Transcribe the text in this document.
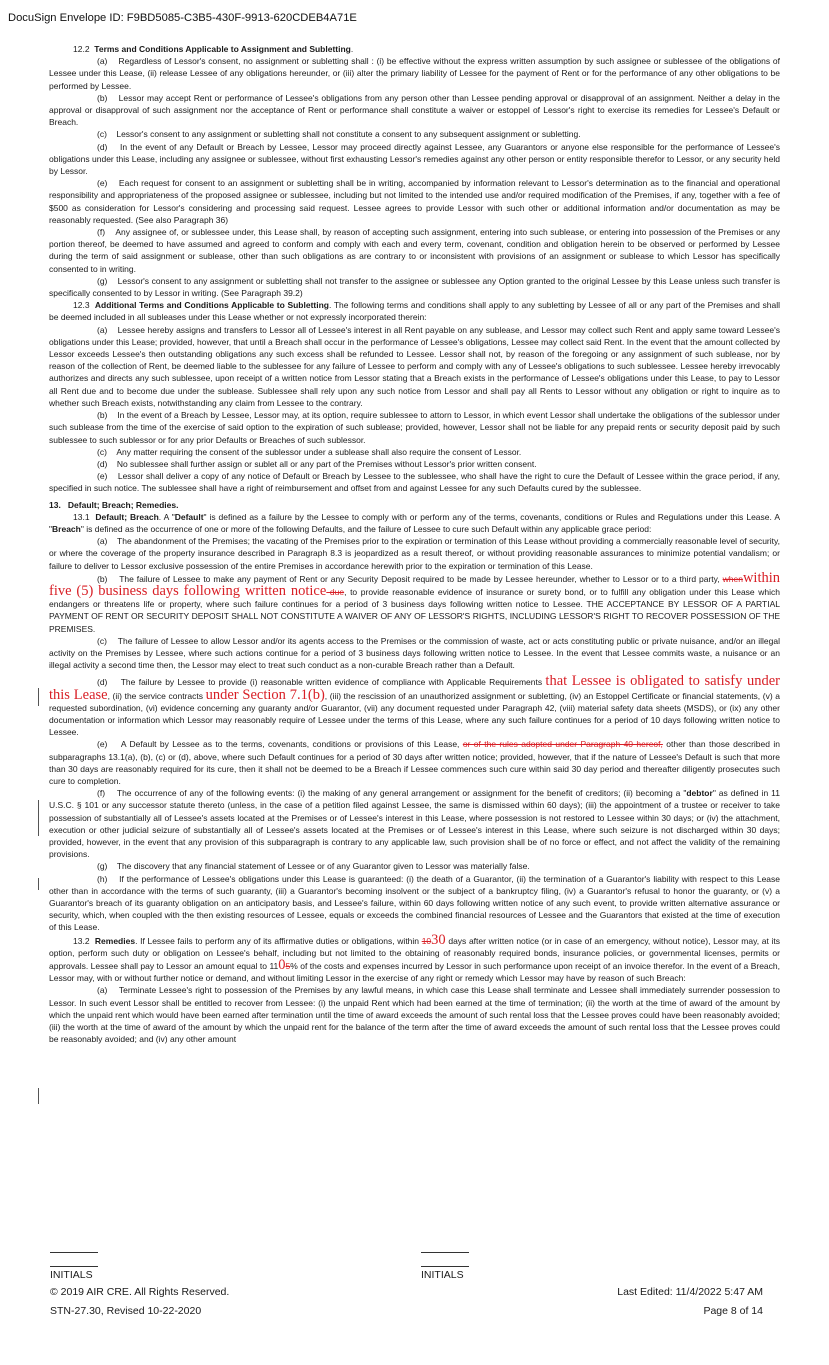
DocuSign Envelope ID: F9BD5085-C3B5-430F-9913-620CDEB4A71E

12.2 Terms and Conditions Applicable to Assignment and Subletting.

(a)    Regardless of Lessor's consent, no assignment or subletting shall : (i) be effective without the express written assumption by such assignee or sublessee of the obligations of Lessee under this Lease, (ii) release Lessee of any obligations hereunder, or (iii) alter the primary liability of Lessee for the payment of Rent or for the performance of any other obligations to be performed by Lessee.

(b)    Lessor may accept Rent or performance of Lessee's obligations from any person other than Lessee pending approval or disapproval of an assignment. Neither a delay in the approval or disapproval of such assignment nor the acceptance of Rent or performance shall constitute a waiver or estoppel of Lessor's right to exercise its remedies for Lessee's Default or Breach.

(c)    Lessor's consent to any assignment or subletting shall not constitute a consent to any subsequent assignment or subletting.

(d)    In the event of any Default or Breach by Lessee, Lessor may proceed directly against Lessee, any Guarantors or anyone else responsible for the performance of Lessee's obligations under this Lease, including any assignee or sublessee, without first exhausting Lessor's remedies against any other person or entity responsible therefor to Lessor, or any security held by Lessor.

(e)    Each request for consent to an assignment or subletting shall be in writing, accompanied by information relevant to Lessor's determination as to the financial and operational responsibility and appropriateness of the proposed assignee or sublessee, including but not limited to the intended use and/or required modification of the Premises, if any, together with a fee of $500 as consideration for Lessor's considering and processing said request. Lessee agrees to provide Lessor with such other or additional information and/or documentation as may be reasonably requested. (See also Paragraph 36)

(f)    Any assignee of, or sublessee under, this Lease shall, by reason of accepting such assignment, entering into such sublease, or entering into possession of the Premises or any portion thereof, be deemed to have assumed and agreed to conform and comply with each and every term, covenant, condition and obligation herein to be observed or performed by Lessee during the term of said assignment or sublease, other than such obligations as are contrary to or inconsistent with provisions of an assignment or sublease to which Lessor has specifically consented to in writing.

(g)    Lessor's consent to any assignment or subletting shall not transfer to the assignee or sublessee any Option granted to the original Lessee by this Lease unless such transfer is specifically consented to by Lessor in writing. (See Paragraph 39.2)

12.3 Additional Terms and Conditions Applicable to Subletting. The following terms and conditions shall apply to any subletting by Lessee of all or any part of the Premises and shall be deemed included in all subleases under this Lease whether or not expressly incorporated therein:

(a)    Lessee hereby assigns and transfers to Lessor all of Lessee's interest in all Rent payable on any sublease, and Lessor may collect such Rent and apply same toward Lessee's obligations under this Lease; provided, however, that until a Breach shall occur in the performance of Lessee's obligations, Lessee may collect said Rent. In the event that the amount collected by Lessor exceeds Lessee's then outstanding obligations any such excess shall be refunded to Lessee. Lessor shall not, by reason of the foregoing or any assignment of such sublease, nor by reason of the collection of Rent, be deemed liable to the sublessee for any failure of Lessee to perform and comply with any of Lessee's obligations to such sublessee. Lessee hereby irrevocably authorizes and directs any such sublessee, upon receipt of a written notice from Lessor stating that a Breach exists in the performance of Lessee's obligations under this Lease, to pay to Lessor all Rent due and to become due under the sublease. Sublessee shall rely upon any such notice from Lessor and shall pay all Rents to Lessor without any obligation or right to inquire as to whether such Breach exists, notwithstanding any claim from Lessee to the contrary.

(b)    In the event of a Breach by Lessee, Lessor may, at its option, require sublessee to attorn to Lessor, in which event Lessor shall undertake the obligations of the sublessor under such sublease from the time of the exercise of said option to the expiration of such sublease; provided, however, Lessor shall not be liable for any prepaid rents or security deposit paid by such sublessee to such sublessor or for any prior Defaults or Breaches of such sublessor.

(c)    Any matter requiring the consent of the sublessor under a sublease shall also require the consent of Lessor.

(d)    No sublessee shall further assign or sublet all or any part of the Premises without Lessor's prior written consent.

(e)    Lessor shall deliver a copy of any notice of Default or Breach by Lessee to the sublessee, who shall have the right to cure the Default of Lessee within the grace period, if any, specified in such notice. The sublessee shall have a right of reimbursement and offset from and against Lessee for any such Defaults cured by the sublessee.

13.   Default; Breach; Remedies.

13.1 Default; Breach. A "Default" is defined as a failure by the Lessee to comply with or perform any of the terms, covenants, conditions or Rules and Regulations under this Lease. A "Breach" is defined as the occurrence of one or more of the following Defaults, and the failure of Lessee to cure such Default within any applicable grace period:

(a)    The abandonment of the Premises; the vacating of the Premises prior to the expiration or termination of this Lease without providing a commercially reasonable level of security, or where the coverage of the property insurance described in Paragraph 8.3 is jeopardized as a result thereof, or without providing reasonable assurances to minimize potential vandalism; or failure to deliver to Lessor exclusive possession of the entire Premises in accordance herewith prior to the expiration or termination of this Lease.

(b)    The failure of Lessee to make any payment of Rent or any Security Deposit required to be made by Lessee hereunder, whether to Lessor or to a third party, whenwithin five (5) business days following written notice due, to provide reasonable evidence of insurance or surety bond, or to fulfill any obligation under this Lease which endangers or threatens life or property, where such failure continues for a period of 3 business days following written notice to Lessee. THE ACCEPTANCE BY LESSOR OF A PARTIAL PAYMENT OF RENT OR SECURITY DEPOSIT SHALL NOT CONSTITUTE A WAIVER OF ANY OF LESSOR'S RIGHTS, INCLUDING LESSOR'S RIGHT TO RECOVER POSSESSION OF THE PREMISES.

(c)    The failure of Lessee to allow Lessor and/or its agents access to the Premises or the commission of waste, act or acts constituting public or private nuisance, and/or an illegal activity on the Premises by Lessee, where such actions continue for a period of 3 business days following written notice to Lessee. In the event that Lessee commits waste, a nuisance or an illegal activity a second time then, the Lessor may elect to treat such conduct as a non-curable Breach rather than a Default.

(d)    The failure by Lessee to provide (i) reasonable written evidence of compliance with Applicable Requirements that Lessee is obligated to satisfy under this Lease, (ii) the service contracts under Section 7.1(b), (iii) the rescission of an unauthorized assignment or subletting, (iv) an Estoppel Certificate or financial statements, (v) a requested subordination, (vi) evidence concerning any guaranty and/or Guarantor, (vii) any document requested under Paragraph 42, (viii) material safety data sheets (MSDS), or (ix) any other documentation or information which Lessor may reasonably require of Lessee under the terms of this Lease, where any such failure continues for a period of 10 days following written notice to Lessee.

(e)    A Default by Lessee as to the terms, covenants, conditions or provisions of this Lease, or of the rules adopted under Paragraph 40 hereof, other than those described in subparagraphs 13.1(a), (b), (c) or (d), above, where such Default continues for a period of 30 days after written notice; provided, however, that if the nature of Lessee's Default is such that more than 30 days are reasonably required for its cure, then it shall not be deemed to be a Breach if Lessee commences such cure within said 30 day period and thereafter diligently prosecutes such cure to completion.

(f)    The occurrence of any of the following events: (i) the making of any general arrangement or assignment for the benefit of creditors; (ii) becoming a "debtor" as defined in 11 U.S.C. § 101 or any successor statute thereto (unless, in the case of a petition filed against Lessee, the same is dismissed within 60 days); (iii) the appointment of a trustee or receiver to take possession of substantially all of Lessee's assets located at the Premises or of Lessee's interest in this Lease, where possession is not restored to Lessee within 30 days; or (iv) the attachment, execution or other judicial seizure of substantially all of Lessee's assets located at the Premises or of Lessee's interest in this Lease, where such seizure is not discharged within 30 days; provided, however, in the event that any provision of this subparagraph is contrary to any applicable law, such provision shall be of no force or effect, and not affect the validity of the remaining provisions.

(g)    The discovery that any financial statement of Lessee or of any Guarantor given to Lessor was materially false.

(h)    If the performance of Lessee's obligations under this Lease is guaranteed: (i) the death of a Guarantor, (ii) the termination of a Guarantor's liability with respect to this Lease other than in accordance with the terms of such guaranty, (iii) a Guarantor's becoming insolvent or the subject of a bankruptcy filing, (iv) a Guarantor's refusal to honor the guaranty, or (v) a Guarantor's breach of its guaranty obligation on an anticipatory basis, and Lessee's failure, within 60 days following written notice of any such event, to provide written alternative assurance or security, which, when coupled with the then existing resources of Lessee, equals or exceeds the combined financial resources of Lessee and the Guarantors that existed at the time of execution of this Lease.

13.2 Remedies. If Lessee fails to perform any of its affirmative duties or obligations, within 1030 days after written notice (or in case of an emergency, without notice), Lessor may, at its option, perform such duty or obligation on Lessee's behalf, including but not limited to the obtaining of reasonably required bonds, insurance policies, or governmental licenses, permits or approvals. Lessee shall pay to Lessor an amount equal to 1105% of the costs and expenses incurred by Lessor in such performance upon receipt of an invoice therefor. In the event of a Breach, Lessor may, with or without further notice or demand, and without limiting Lessor in the exercise of any right or remedy which Lessor may have by reason of such Breach:

(a)    Terminate Lessee's right to possession of the Premises by any lawful means, in which case this Lease shall terminate and Lessee shall immediately surrender possession to Lessor. In such event Lessor shall be entitled to recover from Lessee: (i) the unpaid Rent which had been earned at the time of termination; (ii) the worth at the time of award of the amount by which the unpaid rent which would have been earned after termination until the time of award exceeds the amount of such rental loss that the Lessee proves could have been reasonably avoided; (iii) the worth at the time of award of the amount by which the unpaid rent for the balance of the term after the time of award exceeds the amount of such rental loss that the Lessee proves could be reasonably avoided; and (iv) any other amount

INITIALS	INITIALS
© 2019 AIR CRE. All Rights Reserved.
STN-27.30, Revised 10-22-2020
Last Edited: 11/4/2022 5:47 AM
Page 8 of 14
